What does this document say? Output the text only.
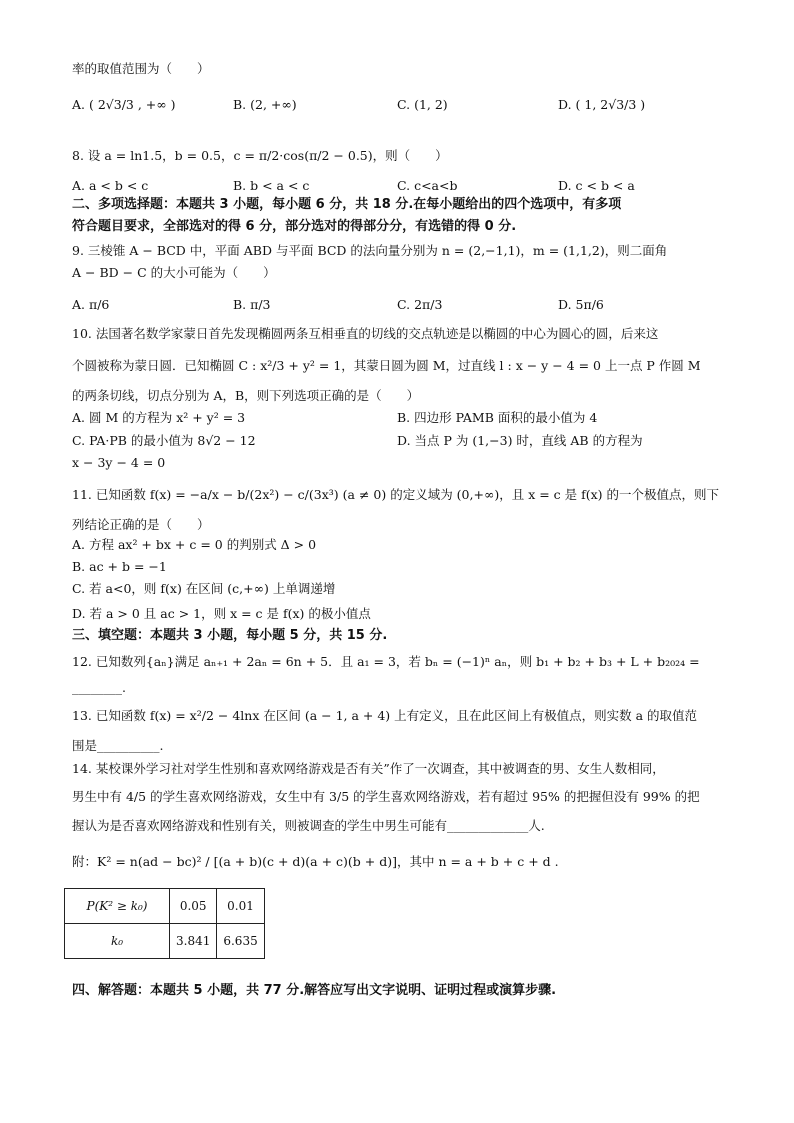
率的取值范围为（　　）
A. ( 2√3/3 , +∞ )	B. (2, +∞)	C. (1, 2)	D. ( 1, 2√3/3 )
8. 设 a = ln1.5，b = 0.5，c = π/2·cos(π/2 − 0.5)，则（　　）
A. a < b < c	B. b < a < c	C. c<a<b	D. c < b < a
二、多项选择题：本题共 3 小题，每小题 6 分，共 18 分.在每小题给出的四个选项中，有多项
符合题目要求，全部选对的得 6 分，部分选对的得部分分，有选错的得 0 分.
9. 三棱锥 A − BCD 中，平面 ABD 与平面 BCD 的法向量分别为 n = (2,−1,1)，m = (1,1,2)，则二面角
A − BD − C 的大小可能为（　　）
A. π/6	B. π/3	C. 2π/3	D. 5π/6
10. 法国著名数学家蒙日首先发现椭圆两条互相垂直的切线的交点轨迹是以椭圆的中心为圆心的圆，后来这
个圆被称为蒙日圆．已知椭圆 C : x²/3 + y² = 1，其蒙日圆为圆 M，过直线 l : x − y − 4 = 0 上一点 P 作圆 M
的两条切线，切点分别为 A，B，则下列选项正确的是（　　）
A. 圆 M 的方程为 x² + y² = 3	B. 四边形 PAMB 面积的最小值为 4
C. PA·PB 的最小值为 8√2 − 12	D. 当点 P 为 (1,−3) 时，直线 AB 的方程为
x − 3y − 4 = 0
11. 已知函数 f(x) = −a/x − b/(2x²) − c/(3x³) (a ≠ 0) 的定义域为 (0,+∞)，且 x = c 是 f(x) 的一个极值点，则下
列结论正确的是（　　）
A. 方程 ax² + bx + c = 0 的判别式 Δ > 0
B. ac + b = −1
C. 若 a<0，则 f(x) 在区间 (c,+∞) 上单调递增
D. 若 a > 0 且 ac > 1，则 x = c 是 f(x) 的极小值点
三、填空题：本题共 3 小题，每小题 5 分，共 15 分.
12. 已知数列{aₙ}满足 aₙ₊₁ + 2aₙ = 6n + 5．且 a₁ = 3，若 bₙ = (−1)ⁿ aₙ，则 b₁ + b₂ + b₃ + L + b₂₀₂₄ =
________.
13. 已知函数 f(x) = x²/2 − 4lnx 在区间 (a − 1, a + 4) 上有定义，且在此区间上有极值点，则实数 a 的取值范
围是__________.
14. 某校课外学习社对学生性别和喜欢网络游戏是否有关”作了一次调查，其中被调查的男、女生人数相同，
男生中有 4/5 的学生喜欢网络游戏，女生中有 3/5 的学生喜欢网络游戏，若有超过 95% 的把握但没有 99% 的把
握认为是否喜欢网络游戏和性别有关，则被调查的学生中男生可能有_____________人.
附：K² = n(ad − bc)² / [(a + b)(c + d)(a + c)(b + d)]，其中 n = a + b + c + d .
P(K² ≥ k₀)	0.05	0.01
k₀	3.841	6.635
四、解答题：本题共 5 小题，共 77 分.解答应写出文字说明、证明过程或演算步骤.
